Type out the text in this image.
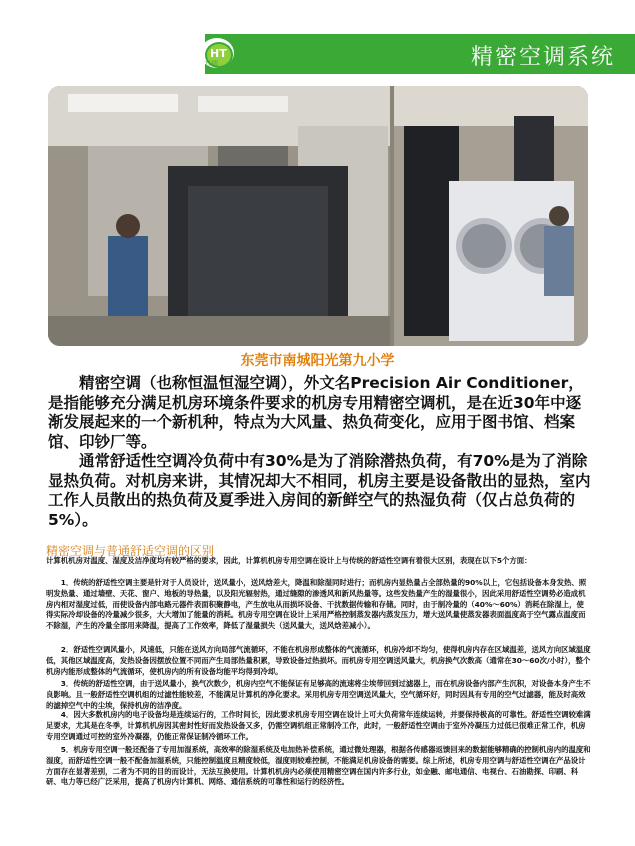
精密空调系统
HT
万瑞
东莞市南城阳光第九小学

　　精密空调（也称恒温恒湿空调），外文名Precision Air Conditioner，是指能够充分满足机房环境条件要求的机房专用精密空调机，是在近30年中逐渐发展起来的一个新机种，特点为大风量、热负荷变化，应用于图书馆、档案馆、印钞厂等。

　　通常舒适性空调冷负荷中有30%是为了消除潜热负荷，有70%是为了消除显热负荷。对机房来讲，其情况却大不相同，机房主要是设备散出的显热，室内工作人员散出的热负荷及夏季进入房间的新鲜空气的热湿负荷（仅占总负荷的5%）。

精密空调与普通舒适空调的区别

计算机机房对温度、湿度及洁净度均有较严格的要求，因此，计算机机房专用空调在设计上与传统的舒适性空调有着很大区别，表现在以下5个方面：

　　1．传统的舒适性空调主要是针对于人员设计，送风量小，送风焓差大，降温和除湿同时进行；而机房内显热量占全部热量的90%以上，它包括设备本身发热、照明发热量、通过墙壁、天花、窗户、地板的导热量，以及阳光辐射热，通过缝隙的渗透风和新风热量等。这些发热量产生的湿量很小，因此采用舒适性空调势必造成机房内相对湿度过低，而使设备内部电路元器件表面积聚静电，产生放电从而损坏设备、干扰数据传输和存储。同时，由于制冷量的（40%～60%）消耗在除湿上，使得实际冷却设备的冷量减少很多，大大增加了能量的消耗。机房专用空调在设计上采用严格控制蒸发器内蒸发压力，增大送风量使蒸发器表面温度高于空气露点温度而不除湿，产生的冷量全部用来降温，提高了工作效率，降低了湿量损失（送风量大，送风焓差减小）。

　　2．舒适性空调风量小，风速低，只能在送风方向局部气流循环，不能在机房形成整体的气流循环，机房冷却不均匀，使得机房内存在区域温差，送风方向区域温度低，其他区域温度高，发热设备因摆放位置不同而产生局部热量积累，导致设备过热损坏。而机房专用空调送风量大，机房换气次数高（通常在30～60次/小时），整个机房内能形成整体的气流循环，使机房内的所有设备均能平均得到冷却。

　　3．传统的舒适性空调，由于送风量小，换气次数少，机房内空气不能保证有足够高的流速将尘埃带回到过滤器上，而在机房设备内部产生沉积，对设备本身产生不良影响。且一般舒适性空调机组的过滤性能较差，不能满足计算机的净化要求。采用机房专用空调送风量大，空气循环好，同时因具有专用的空气过滤器，能及时高效的滤掉空气中的尘埃，保持机房的洁净度。

　　4．因大多数机房内的电子设备均是连续运行的，工作时间长，因此要求机房专用空调在设计上可大负荷常年连续运转，并要保持极高的可靠性。舒适性空调较难满足要求，尤其是在冬季，计算机机房因其密封性好而发热设备又多，仍需空调机组正常制冷工作，此时，一般舒适性空调由于室外冷凝压力过低已很难正常工作，机房专用空调通过可控的室外冷凝器，仍能正常保证制冷循环工作。

　　5．机房专用空调一般还配备了专用加湿系统，高效率的除湿系统及电加热补偿系统，通过微处理器，根据各传感器返馈回来的数据能够精确的控制机房内的温度和湿度，而舒适性空调一般不配备加湿系统，只能控制温度且精度较低，湿度则较难控制，不能满足机房设备的需要。综上所述，机房专用空调与舒适性空调在产品设计方面存在显著差别，二者为不同的目的而设计，无法互换使用。计算机机房内必须使用精密空调在国内许多行业，如金融、邮电通信、电视台、石油勘探、印刷、科研、电力等已经广泛采用，提高了机房内计算机、网络、通信系统的可靠性和运行的经济性。
